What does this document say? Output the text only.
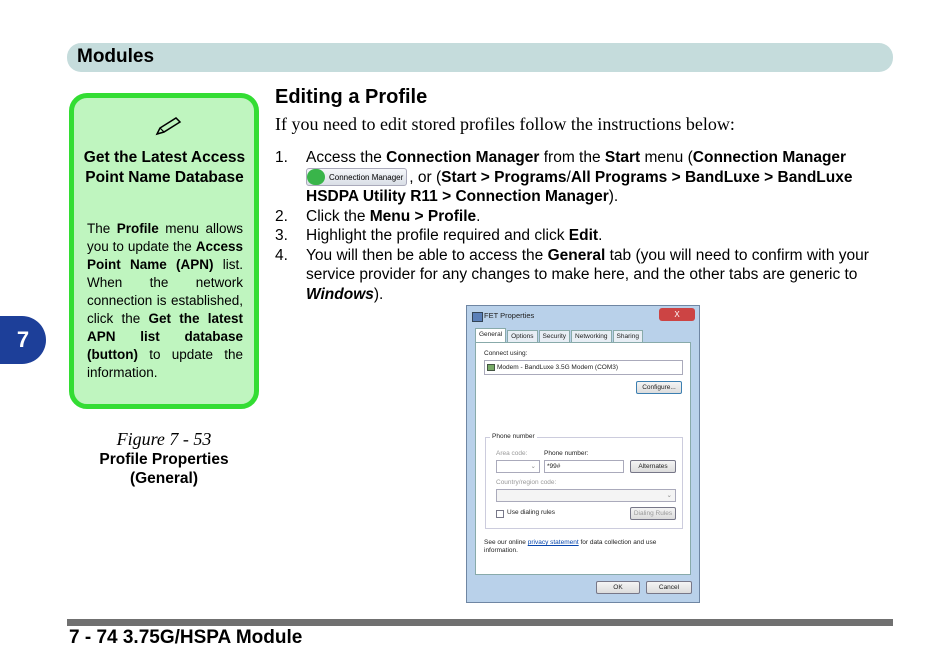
Modules
7
Get the Latest Access Point Name Database
The Profile menu allows you to update the Access Point Name (APN) list. When the network connection is established, click the Get the latest APN list database (button) to update the information.
Figure 7 - 53
Profile Properties (General)
Editing a Profile
If you need to edit stored profiles follow the instructions below:
1.	Access the Connection Manager from the Start menu (Connection Manager

Connection Manager , or (Start > Programs/All Programs > BandLuxe > BandLuxe HSDPA Utility R11 > Connection Manager).
2.	Click the Menu > Profile.
3.	Highlight the profile required and click Edit.
4.	You will then be able to access the General tab (you will need to confirm with your service provider for any changes to make here, and the other tabs are generic to Windows).
FET Properties	X
General	Options	Security	Networking	Sharing
Connect using:
Modem - BandLuxe 3.5G Modem (COM3)
Configure...
Phone number
Area code:	Phone number:
⌄	*99#	Alternates
Country/region code:
⌄
Use dialing rules	Dialing Rules
See our online privacy statement for data collection and use information.
OK	Cancel
7 - 74 3.75G/HSPA Module
